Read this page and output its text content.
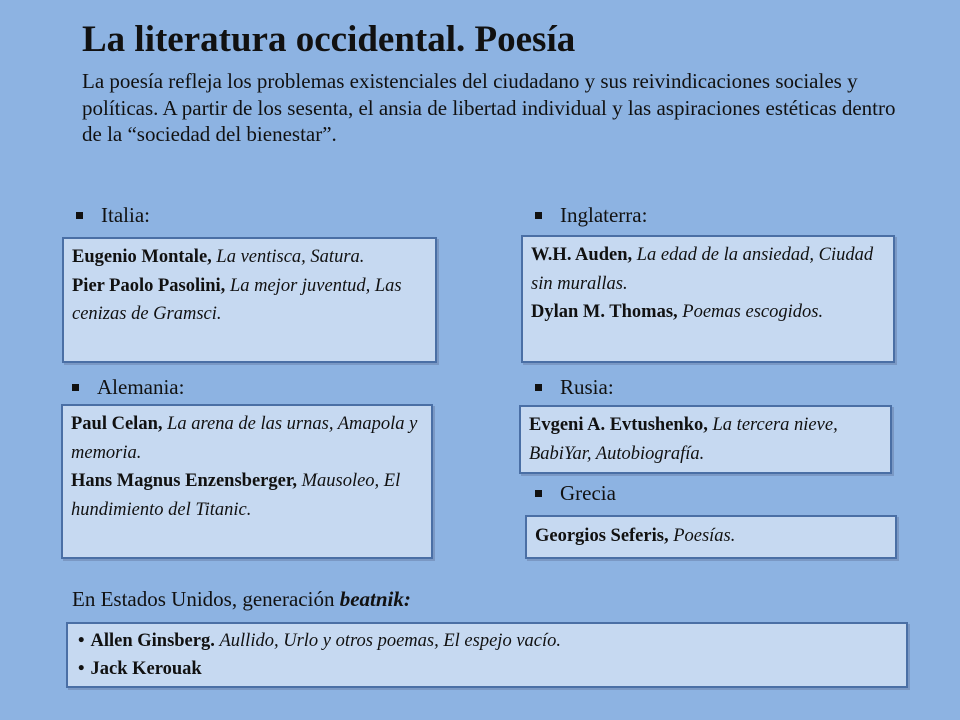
La literatura occidental. Poesía
La poesía refleja los problemas existenciales del ciudadano y sus reivindicaciones sociales y políticas. A partir de los sesenta, el ansia de libertad individual y las aspiraciones estéticas dentro de la “sociedad del bienestar”.
Italia:

Eugenio Montale, La ventisca, Satura.

Pier Paolo Pasolini, La mejor juventud, Las cenizas de Gramsci.

Inglaterra:

W.H. Auden, La edad de la ansiedad, Ciudad sin murallas.

Dylan M. Thomas, Poemas escogidos.

Alemania:

Paul Celan, La arena de las urnas, Amapola y memoria.

Hans Magnus Enzensberger, Mausoleo, El hundimiento del Titanic.

Rusia:

Evgeni A. Evtushenko, La tercera nieve, BabiYar, Autobiografía.

Grecia

Georgios Seferis, Poesías.

En Estados Unidos, generación beatnik:

• Allen Ginsberg. Aullido, Urlo y otros poemas, El espejo vacío.

• Jack Kerouak
